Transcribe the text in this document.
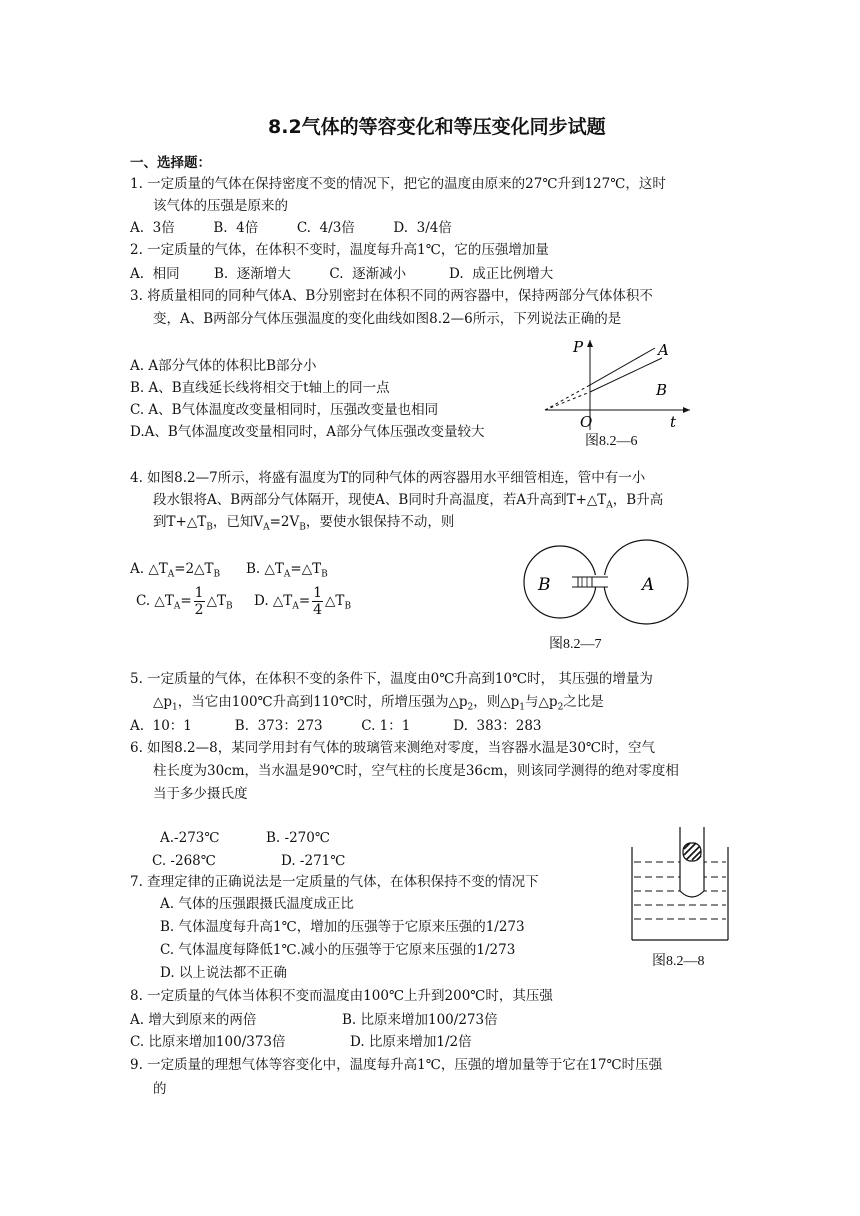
8.2气体的等容变化和等压变化同步试题
一、选择题：
1. 一定质量的气体在保持密度不变的情况下，把它的温度由原来的27℃升到127℃，这时
该气体的压强是原来的
A.  3倍         B.  4倍         C.  4/3倍         D.  3/4倍
2. 一定质量的气体，在体积不变时，温度每升高1℃，它的压强增加量
A.  相同        B.  逐渐增大         C.  逐渐减小          D.  成正比例增大
3. 将质量相同的同种气体A、B分别密封在体积不同的两容器中，保持两部分气体体积不
变，A、B两部分气体压强温度的变化曲线如图8.2—6所示，下列说法正确的是
A. A部分气体的体积比B部分小
B. A、B直线延长线将相交于t轴上的同一点
C. A、B气体温度改变量相同时，压强改变量也相同
D.A、B气体温度改变量相同时，A部分气体压强改变量较大
P	A
B
O	t
图8.2—6
4. 如图8.2—7所示，将盛有温度为T的同种气体的两容器用水平细管相连，管中有一小
段水银将A、B两部分气体隔开，现使A、B同时升高温度，若A升高到$T+\triangle T_A$，B升高
到$T+\triangle T_B$，已知$V_A=2V_B$，要使水银保持不动，则
A. $\triangle T_A=2\triangle T_B$ B. $\triangle T_A=\triangle T_B$
C. $\triangle T_A= \frac{1}{2}$ $\triangle T_B$ D. $\triangle T_A= \frac{1}{4}$ $\triangle T_B$
B	A
图8.2—7
5. 一定质量的气体，在体积不变的条件下，温度由0℃升高到10℃时， 其压强的增量为
$\triangle p_1$，当它由100℃升高到110℃时，所增压强为$\triangle p_2$，则$\triangle p_1$与$\triangle p_2$之比是
A.  10：1          B.  373：273         C. 1：1          D.  383：283
6. 如图8.2—8，某同学用封有气体的玻璃管来测绝对零度，当容器水温是30℃时，空气
柱长度为30cm，当水温是90℃时，空气柱的长度是36cm，则该同学测得的绝对零度相
当于多少摄氏度
A.-273℃	B. -270℃
C. -268℃	D. -271℃
图8.2—8
7. 查理定律的正确说法是一定质量的气体，在体积保持不变的情况下
A. 气体的压强跟摄氏温度成正比
B. 气体温度每升高1℃，增加的压强等于它原来压强的1/273
C. 气体温度每降低1℃.减小的压强等于它原来压强的1/273
D. 以上说法都不正确
8. 一定质量的气体当体积不变而温度由100℃上升到200℃时，其压强
A. 增大到原来的两倍	B. 比原来增加100/273倍
C. 比原来增加100/373倍	D. 比原来增加1/2倍
9. 一定质量的理想气体等容变化中，温度每升高1℃，压强的增加量等于它在17℃时压强
的
